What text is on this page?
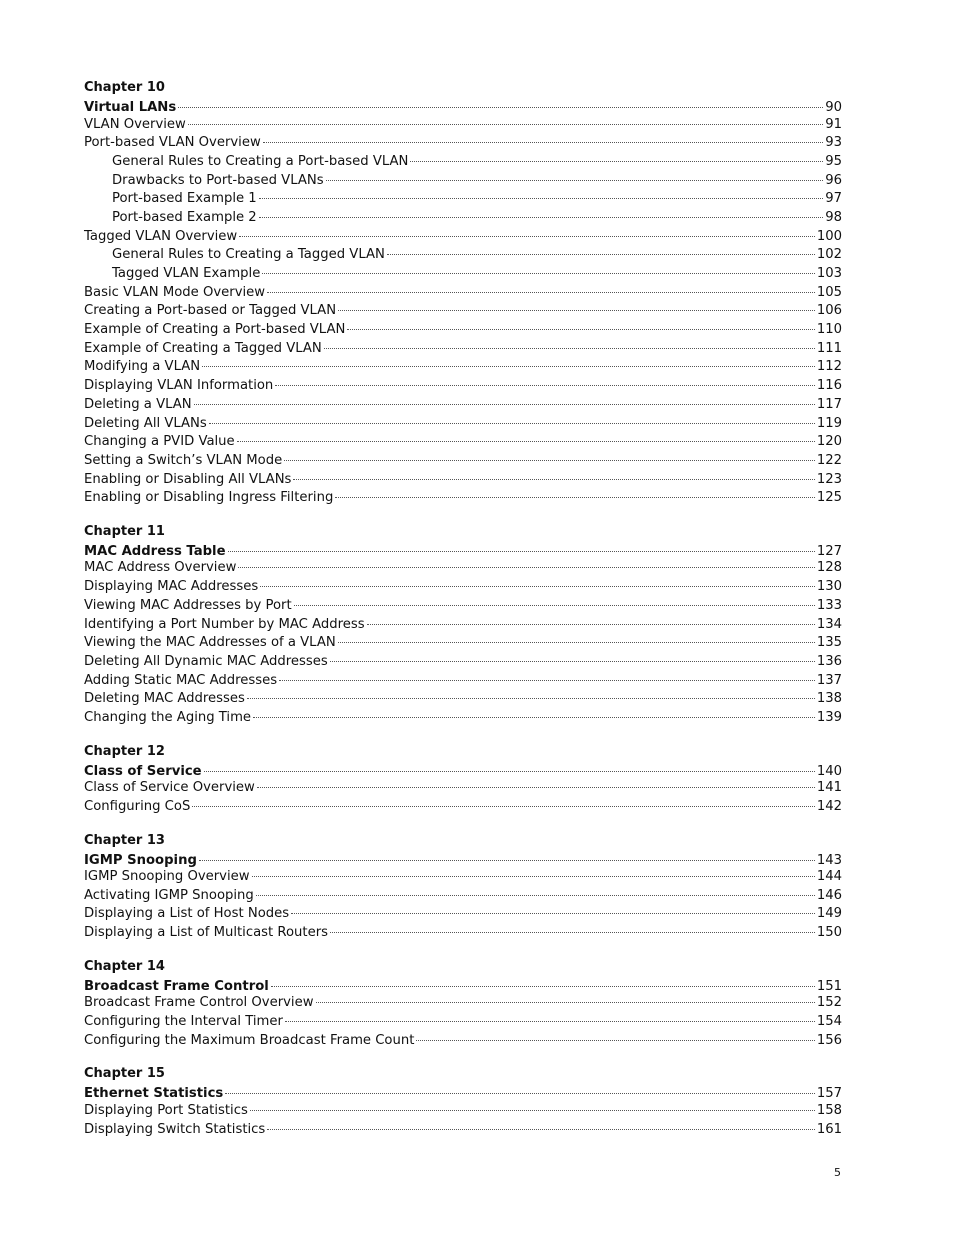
Chapter 10
Virtual LANs	90
VLAN Overview	91
Port-based VLAN Overview	93
General Rules to Creating a Port-based VLAN	95
Drawbacks to Port-based VLANs	96
Port-based Example 1	97
Port-based Example 2	98
Tagged VLAN Overview	100
General Rules to Creating a Tagged VLAN	102
Tagged VLAN Example	103
Basic VLAN Mode Overview	105
Creating a Port-based or Tagged VLAN	106
Example of Creating a Port-based VLAN	110
Example of Creating a Tagged VLAN	111
Modifying a VLAN	112
Displaying VLAN Information	116
Deleting a VLAN	117
Deleting All VLANs	119
Changing a PVID Value	120
Setting a Switch’s VLAN Mode	122
Enabling or Disabling All VLANs	123
Enabling or Disabling Ingress Filtering	125
Chapter 11
MAC Address Table	127
MAC Address Overview	128
Displaying MAC Addresses	130
Viewing MAC Addresses by Port	133
Identifying a Port Number by MAC Address	134
Viewing the MAC Addresses of a VLAN	135
Deleting All Dynamic MAC Addresses	136
Adding Static MAC Addresses	137
Deleting MAC Addresses	138
Changing the Aging Time	139
Chapter 12
Class of Service	140
Class of Service Overview	141
Configuring CoS	142
Chapter 13
IGMP Snooping	143
IGMP Snooping Overview	144
Activating IGMP Snooping	146
Displaying a List of Host Nodes	149
Displaying a List of Multicast Routers	150
Chapter 14
Broadcast Frame Control	151
Broadcast Frame Control Overview	152
Configuring the Interval Timer	154
Configuring the Maximum Broadcast Frame Count	156
Chapter 15
Ethernet Statistics	157
Displaying Port Statistics	158
Displaying Switch Statistics	161
5
